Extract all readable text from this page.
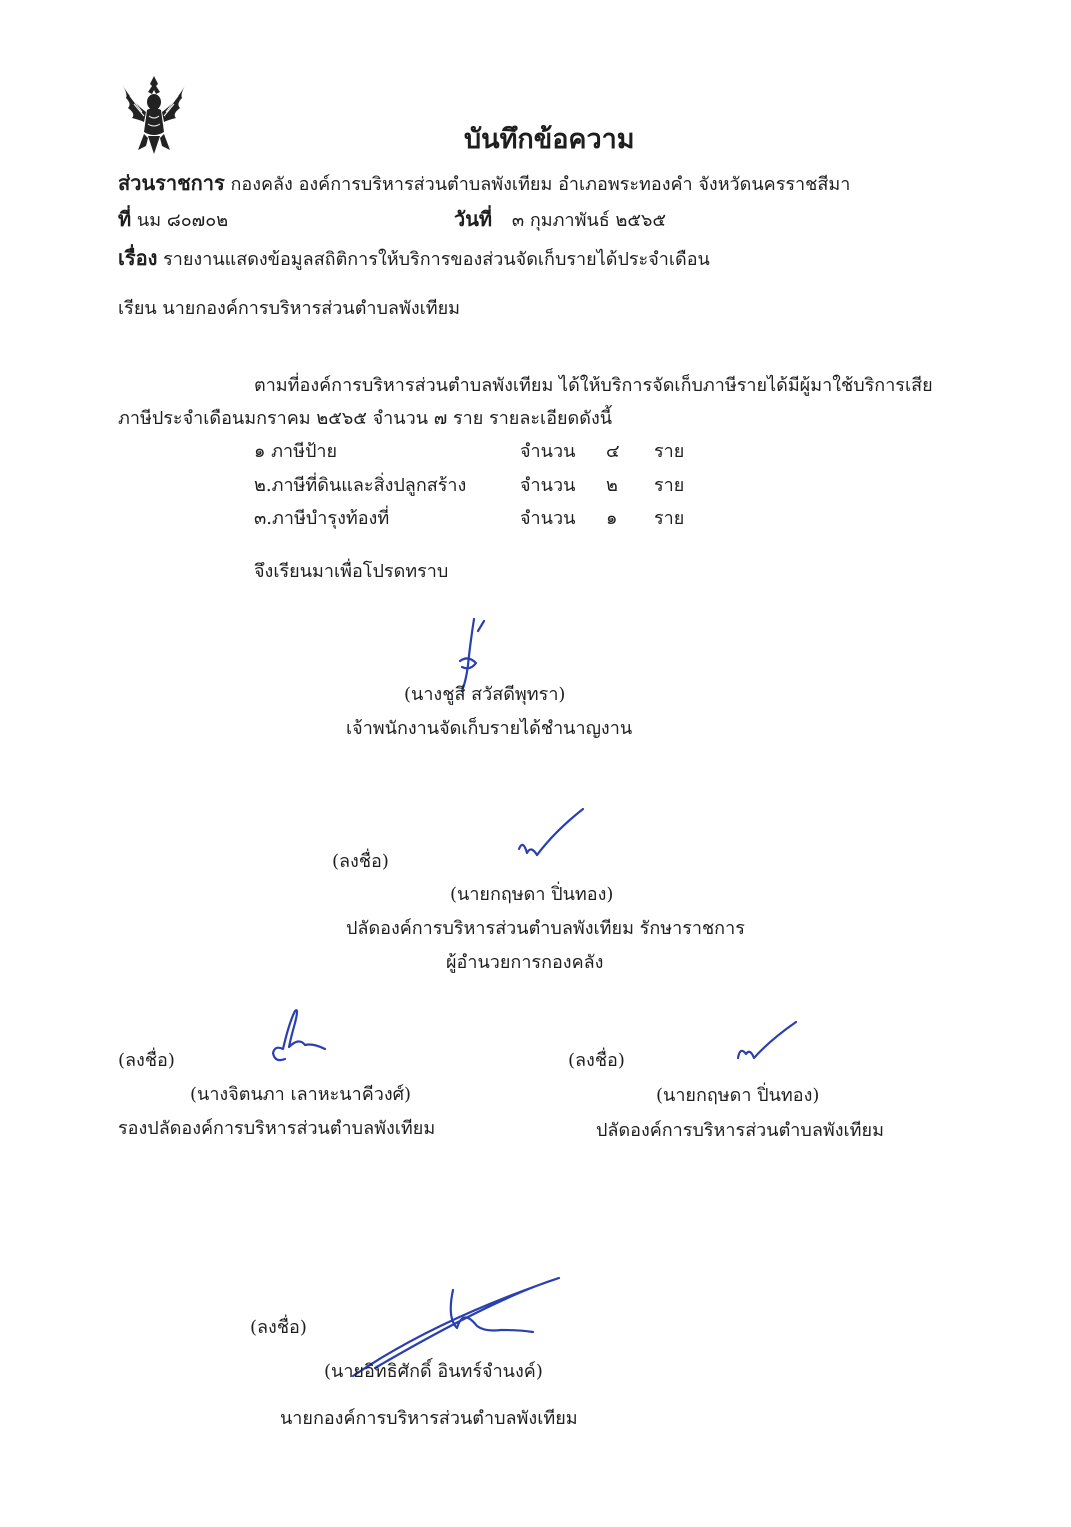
บันทึกข้อความ
ส่วนราชการ กองคลัง องค์การบริหารส่วนตำบลพังเทียม อำเภอพระทองคำ จังหวัดนครราชสีมา
ที่ นม ๘๐๗๐๒	วันที่ ๓ กุมภาพันธ์ ๒๕๖๕
เรื่อง รายงานแสดงข้อมูลสถิติการให้บริการของส่วนจัดเก็บรายได้ประจำเดือน
เรียน นายกองค์การบริหารส่วนตำบลพังเทียม
ตามที่องค์การบริหารส่วนตำบลพังเทียม ได้ให้บริการจัดเก็บภาษีรายได้มีผู้มาใช้บริการเสีย
ภาษีประจำเดือนมกราคม ๒๕๖๕ จำนวน ๗ ราย รายละเอียดดังนี้
๑ ภาษีป้าย	จำนวน ๔ ราย
๒.ภาษีที่ดินและสิ่งปลูกสร้าง	จำนวน ๒ ราย
๓.ภาษีบำรุงท้องที่	จำนวน ๑ ราย
จึงเรียนมาเพื่อโปรดทราบ
(นางชูสี สวัสดีพุทรา)
เจ้าพนักงานจัดเก็บรายได้ชำนาญงาน
(ลงชื่อ)
(นายกฤษดา ปิ่นทอง)
ปลัดองค์การบริหารส่วนตำบลพังเทียม รักษาราชการ
ผู้อำนวยการกองคลัง
(ลงชื่อ)
(นางจิตนภา เลาหะนาคีวงศ์)
รองปลัดองค์การบริหารส่วนตำบลพังเทียม
(ลงชื่อ)
(นายกฤษดา ปิ่นทอง)
ปลัดองค์การบริหารส่วนตำบลพังเทียม
(ลงชื่อ)
(นายอิทธิศักดิ์ อินทร์จำนงค์)
นายกองค์การบริหารส่วนตำบลพังเทียม
